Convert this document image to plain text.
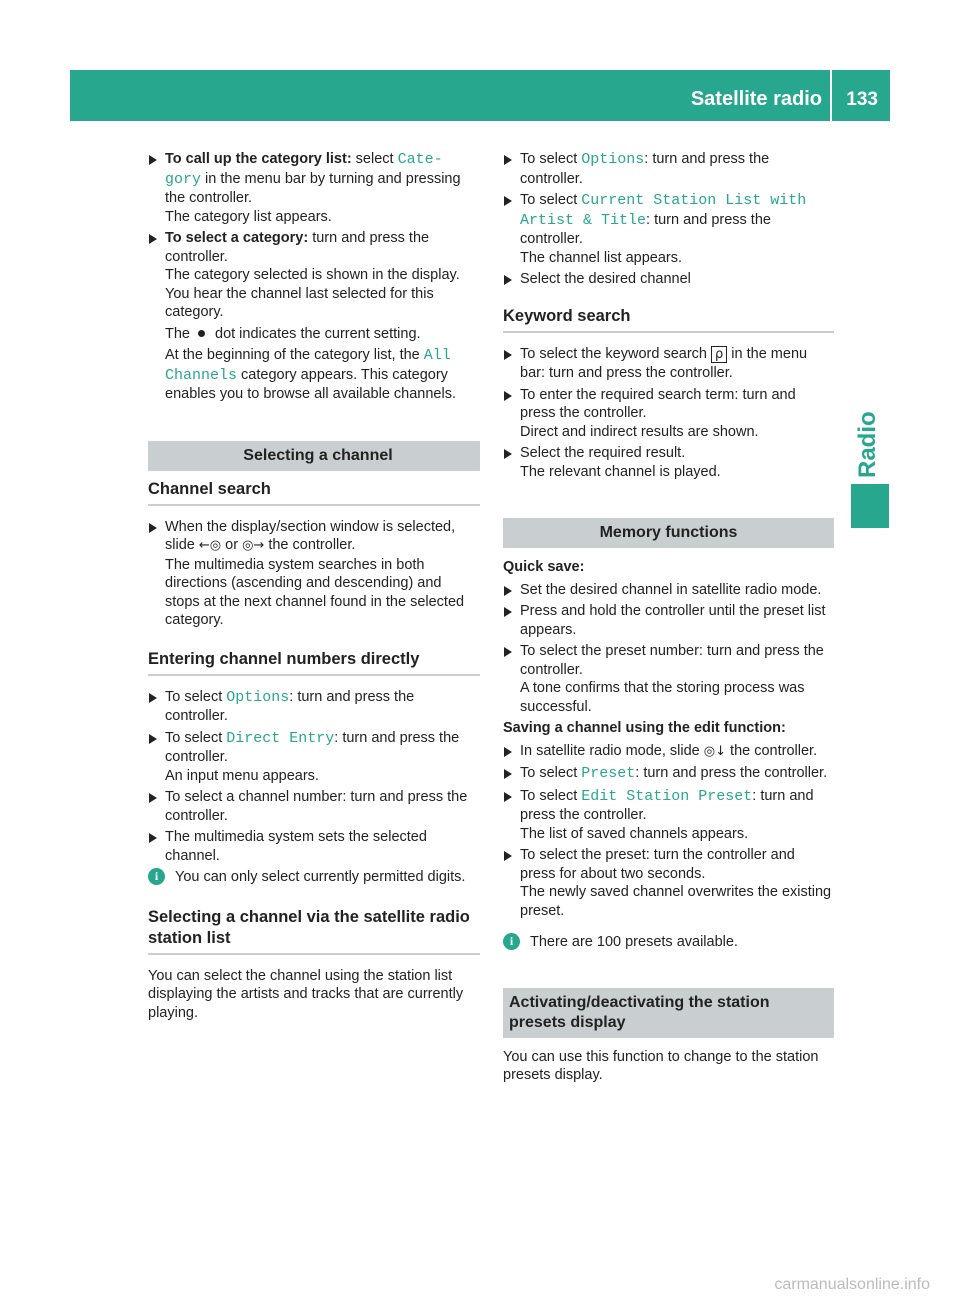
Satellite radio 133
Radio
To call up the category list: select Cate‐
gory in the menu bar by turning and pressing the controller.

The category list appears.

To select a category: turn and press the controller.

The category selected is shown in the display. You hear the channel last selected for this category.

The dot indicates the current setting.

At the beginning of the category list, the All
Channels category appears. This category enables you to browse all available channels.

Selecting a channel

Channel search

When the display/section window is selected, slide ←◎ or ◎→ the controller.

The multimedia system searches in both directions (ascending and descending) and stops at the next channel found in the selected category.

Entering channel numbers directly

To select Options: turn and press the controller.
To select Direct Entry: turn and press the controller.

An input menu appears.

To select a channel number: turn and press the controller.
The multimedia system sets the selected channel.
i	You can only select currently permitted digits.

Selecting a channel via the satellite radio station list

You can select the channel using the station list displaying the artists and tracks that are currently playing.

To select Options: turn and press the controller.
To select Current Station List with Artist & Title: turn and press the controller.

The channel list appears.

Select the desired channel

Keyword search

To select the keyword search ρ in the menu bar: turn and press the controller.
To enter the required search term: turn and press the controller.

Direct and indirect results are shown.

Select the required result.

The relevant channel is played.

Memory functions

Quick save:

Set the desired channel in satellite radio mode.
Press and hold the controller until the preset list appears.
To select the preset number: turn and press the controller.

A tone confirms that the storing process was successful.

Saving a channel using the edit function:

In satellite radio mode, slide ◎↓ the controller.
To select Preset: turn and press the controller.
To select Edit Station Preset: turn and press the controller.

The list of saved channels appears.

To select the preset: turn the controller and press for about two seconds.

The newly saved channel overwrites the existing preset.

i	There are 100 presets available.

Activating/deactivating the station presets display

You can use this function to change to the station presets display.

carmanualsonline.info
